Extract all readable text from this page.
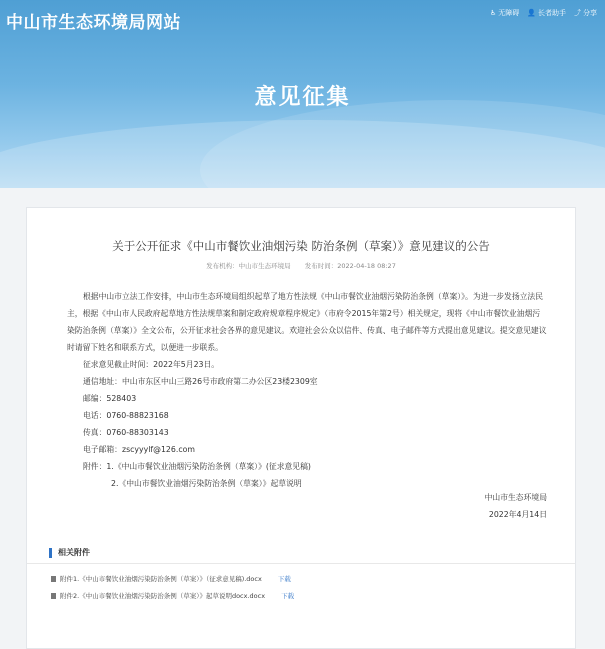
中山市生态环境局网站	♿ 无障碍 👤 长者助手 ⤴ 分享
意见征集
关于公开征求《中山市餐饮业油烟污染 防治条例（草案）》意见建议的公告
发布机构：中山市生态环境局 发布时间：2022-04-18 08:27

根据中山市立法工作安排，中山市生态环境局组织起草了地方性法规《中山市餐饮业油烟污染防治条例（草案）》。为进一步发扬立法民主，根据《中山市人民政府起草地方性法规草案和制定政府规章程序规定》（市府令2015年第2号）相关规定，现将《中山市餐饮业油烟污染防治条例（草案）》全文公布，公开征求社会各界的意见建议。欢迎社会公众以信件、传真、电子邮件等方式提出意见建议。提交意见建议时请留下姓名和联系方式，以便进一步联系。

征求意见截止时间：2022年5月23日。

通信地址：中山市东区中山三路26号市政府第二办公区23楼2309室

邮编：528403

电话：0760-88823168

传真：0760-88303143

电子邮箱：zscyyylf@126.com

附件：1.《中山市餐饮业油烟污染防治条例（草案）》(征求意见稿)

2.《中山市餐饮业油烟污染防治条例（草案）》起草说明

中山市生态环境局
2022年4月14日
相关附件
附件1.《中山市餐饮业油烟污染防治条例（草案）》（征求意见稿).docx 下载
附件2.《中山市餐饮业油烟污染防治条例（草案）》起草说明docx.docx 下载
